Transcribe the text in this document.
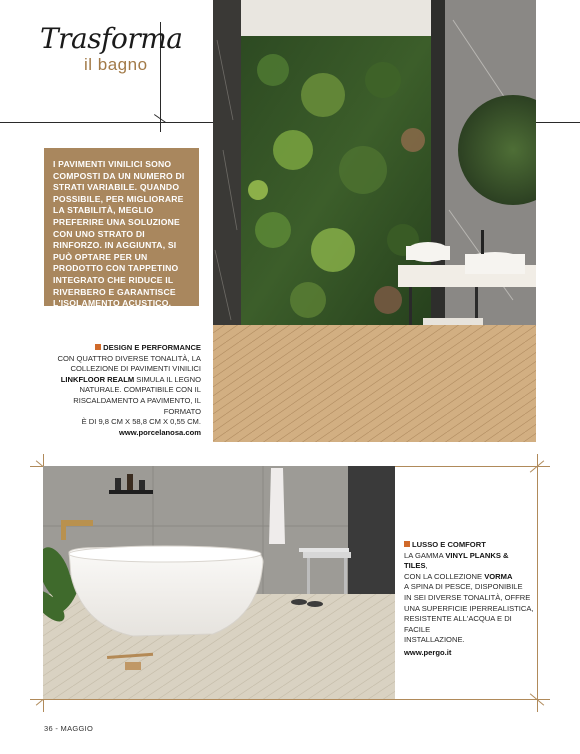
Trasforma
il bagno
I PAVIMENTI VINILICI SONO COMPOSTI DA UN NUMERO DI STRATI VARIABILE. QUANDO POSSIBILE, PER MIGLIORARE LA STABILITÀ, MEGLIO PREFERIRE UNA SOLUZIONE CON UNO STRATO DI RINFORZO. IN AGGIUNTA, SI PUÒ OPTARE PER UN PRODOTTO CON TAPPETINO INTEGRATO CHE RIDUCE IL RIVERBERO E GARANTISCE L'ISOLAMENTO ACUSTICO.
DESIGN E PERFORMANCE
CON QUATTRO DIVERSE TONALITÀ, LA
COLLEZIONE DI PAVIMENTI VINILICI
LINKFLOOR REALM SIMULA IL LEGNO
NATURALE. COMPATIBILE CON IL
RISCALDAMENTO A PAVIMENTO, IL FORMATO
È DI 9,8 CM X 58,8 CM X 0,55 CM.
www.porcelanosa.com
LUSSO E COMFORT
LA GAMMA VINYL PLANKS & TILES,
CON LA COLLEZIONE VORMA
A SPINA DI PESCE, DISPONIBILE
IN SEI DIVERSE TONALITÀ, OFFRE
UNA SUPERFICIE IPERREALISTICA,
RESISTENTE ALL'ACQUA E DI FACILE
INSTALLAZIONE.
www.pergo.it
36 - MAGGIO
